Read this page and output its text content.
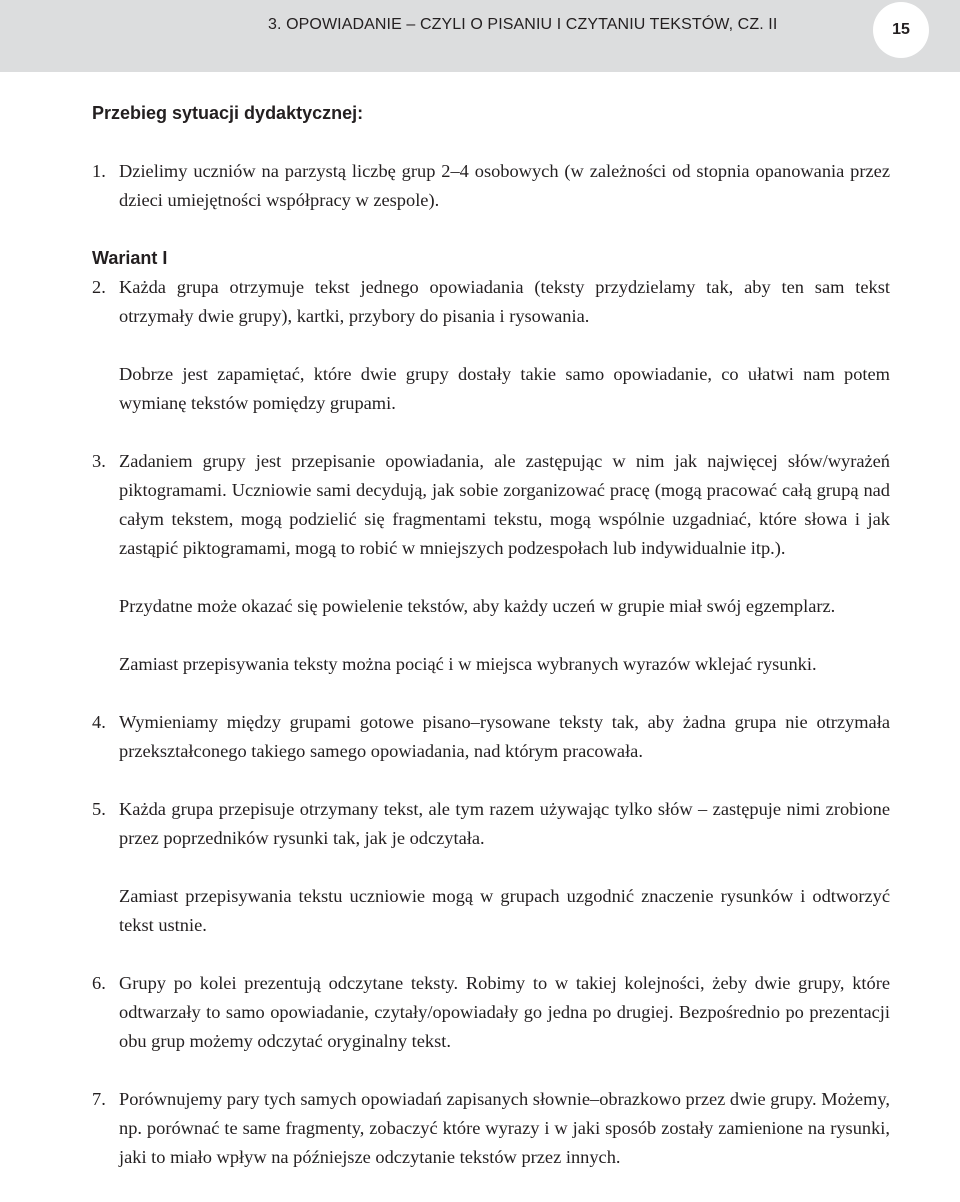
3. OPOWIADANIE – CZYLI O PISANIU I CZYTANIU TEKSTÓW, CZ. II	15

Przebieg sytuacji dydaktycznej:

1. Dzielimy uczniów na parzystą liczbę grup 2–4 osobowych (w zależności od stopnia opanowania przez dzieci umiejętności współpracy w zespole).

Wariant I

2. Każda grupa otrzymuje tekst jednego opowiadania (teksty przydzielamy tak, aby ten sam tekst otrzymały dwie grupy), kartki, przybory do pisania i rysowania.
Dobrze jest zapamiętać, które dwie grupy dostały takie samo opowiadanie, co ułatwi nam potem wymianę tekstów pomiędzy grupami.
3. Zadaniem grupy jest przepisanie opowiadania, ale zastępując w nim jak najwięcej słów/wyrażeń piktogramami. Uczniowie sami decydują, jak sobie zorganizować pracę (mogą pracować całą grupą nad całym tekstem, mogą podzielić się fragmentami tekstu, mogą wspólnie uzgadniać, które słowa i jak zastąpić piktogramami, mogą to robić w mniejszych podzespołach lub indywidualnie itp.).
Przydatne może okazać się powielenie tekstów, aby każdy uczeń w grupie miał swój egzemplarz.
Zamiast przepisywania teksty można pociąć i w miejsca wybranych wyrazów wklejać rysunki.
4. Wymieniamy między grupami gotowe pisano–rysowane teksty tak, aby żadna grupa nie otrzymała przekształconego takiego samego opowiadania, nad którym pracowała.
5. Każda grupa przepisuje otrzymany tekst, ale tym razem używając tylko słów – zastępuje nimi zrobione przez poprzedników rysunki tak, jak je odczytała.
Zamiast przepisywania tekstu uczniowie mogą w grupach uzgodnić znaczenie rysunków i odtworzyć tekst ustnie.
6. Grupy po kolei prezentują odczytane teksty. Robimy to w takiej kolejności, żeby dwie grupy, które odtwarzały to samo opowiadanie, czytały/opowiadały go jedna po drugiej. Bezpośrednio po prezentacji obu grup możemy odczytać oryginalny tekst.
7. Porównujemy pary tych samych opowiadań zapisanych słownie–obrazkowo przez dwie grupy. Możemy, np. porównać te same fragmenty, zobaczyć które wyrazy i w jaki sposób zostały zamienione na rysunki, jaki to miało wpływ na późniejsze odczytanie tekstów przez innych.
